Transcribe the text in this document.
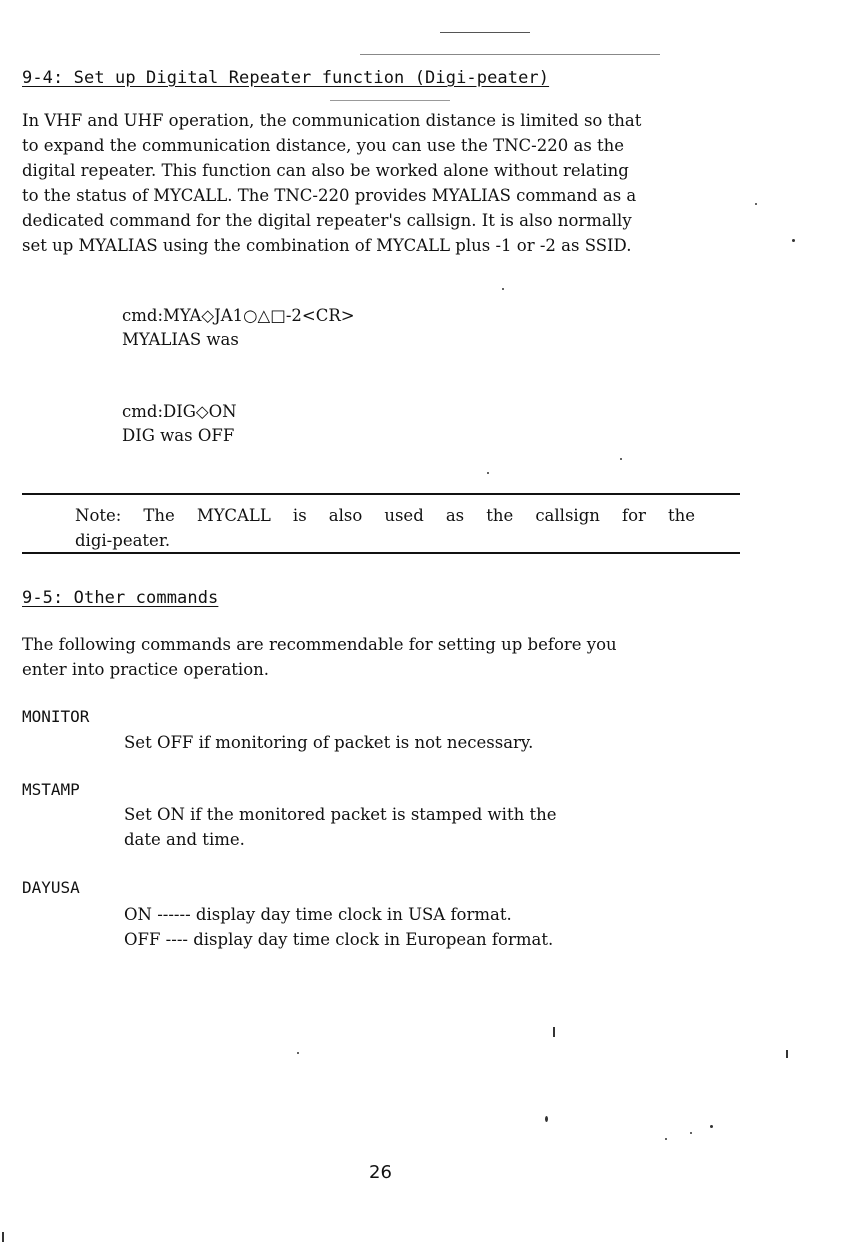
9-4: Set up Digital Repeater function (Digi-peater)
In VHF and UHF operation, the communication distance is limited so that
to expand the communication distance, you can use the TNC-220 as the
digital repeater. This function can also be worked alone without relating
to the status of MYCALL. The TNC-220 provides MYALIAS command as a
dedicated command for the digital repeater's callsign. It is also normally
set up MYALIAS using the combination of MYCALL plus -1 or -2 as SSID.
cmd:MYA◇JA1○△□-2<CR>
MYALIAS was
cmd:DIG◇ON
DIG was OFF
Note: The MYCALL is also used as the callsign for the
digi-peater.
9-5: Other commands
The following commands are recommendable for setting up before you
enter into practice operation.
MONITOR
Set OFF if monitoring of packet is not necessary.
MSTAMP
Set ON if the monitored packet is stamped with the
date and time.
DAYUSA
ON ------ display day time clock in USA format.
OFF ---- display day time clock in European format.
26
